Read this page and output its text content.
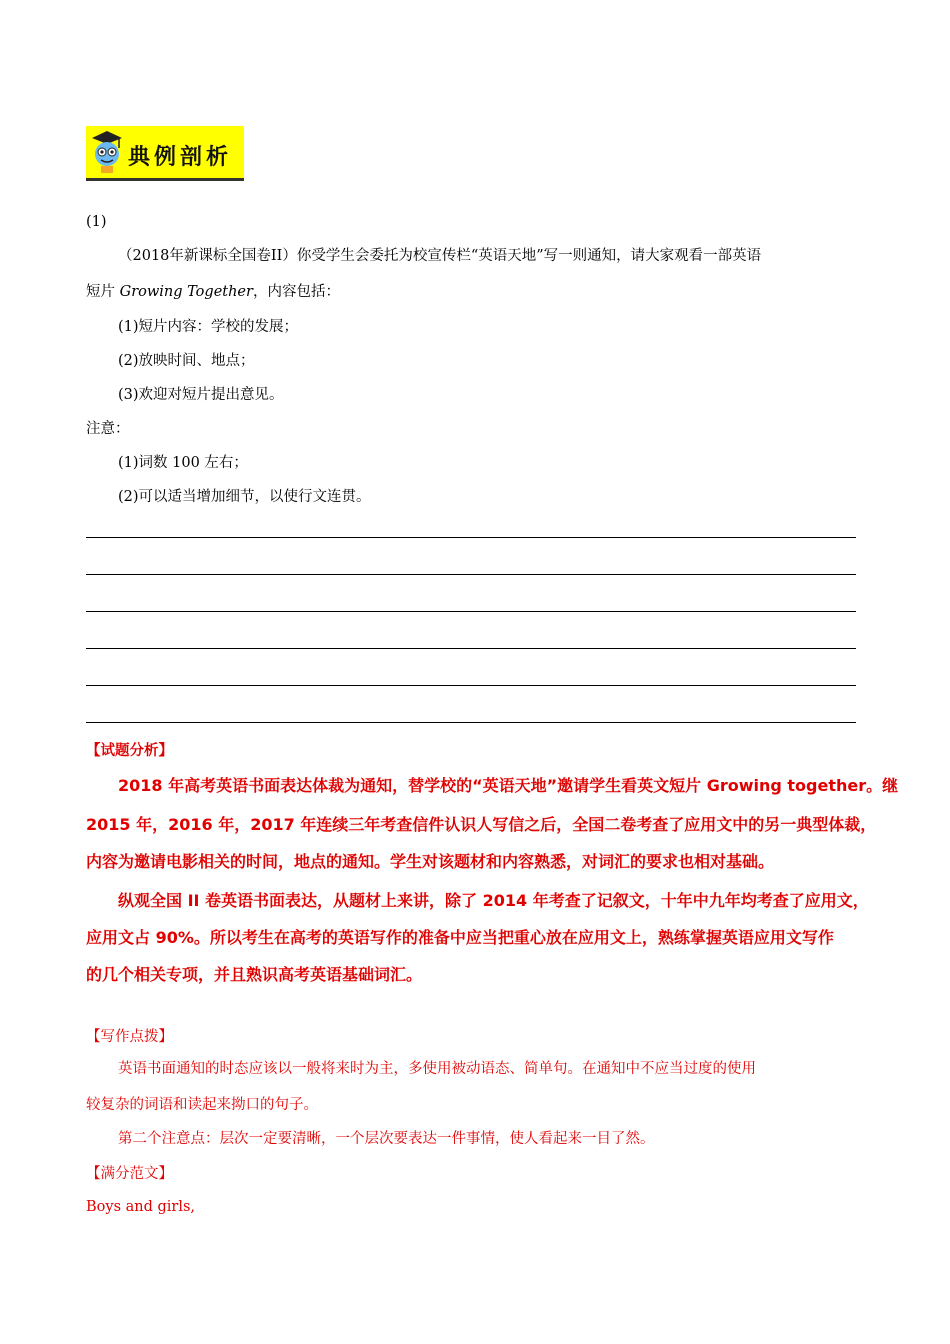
典例剖析
(1)
（2018年新课标全国卷II）你受学生会委托为校宣传栏“英语天地”写一则通知，请大家观看一部英语
短片 Growing Together，内容包括：
(1)短片内容：学校的发展；
(2)放映时间、地点；
(3)欢迎对短片提出意见。
注意：
(1)词数 100 左右；
(2)可以适当增加细节，以使行文连贯。
【试题分析】
2018 年高考英语书面表达体裁为通知，替学校的“英语天地”邀请学生看英文短片 Growing together。继
2015 年，2016 年，2017 年连续三年考查信件认识人写信之后，全国二卷考查了应用文中的另一典型体裁，
内容为邀请电影相关的时间，地点的通知。学生对该题材和内容熟悉，对词汇的要求也相对基础。
纵观全国 II 卷英语书面表达，从题材上来讲，除了 2014 年考查了记叙文，十年中九年均考查了应用文，
应用文占 90%。所以考生在高考的英语写作的准备中应当把重心放在应用文上，熟练掌握英语应用文写作
的几个相关专项，并且熟识高考英语基础词汇。
【写作点拨】
英语书面通知的时态应该以一般将来时为主，多使用被动语态、简单句。在通知中不应当过度的使用
较复杂的词语和读起来拗口的句子。
第二个注意点：层次一定要清晰，一个层次要表达一件事情，使人看起来一目了然。
【满分范文】
Boys and girls,
